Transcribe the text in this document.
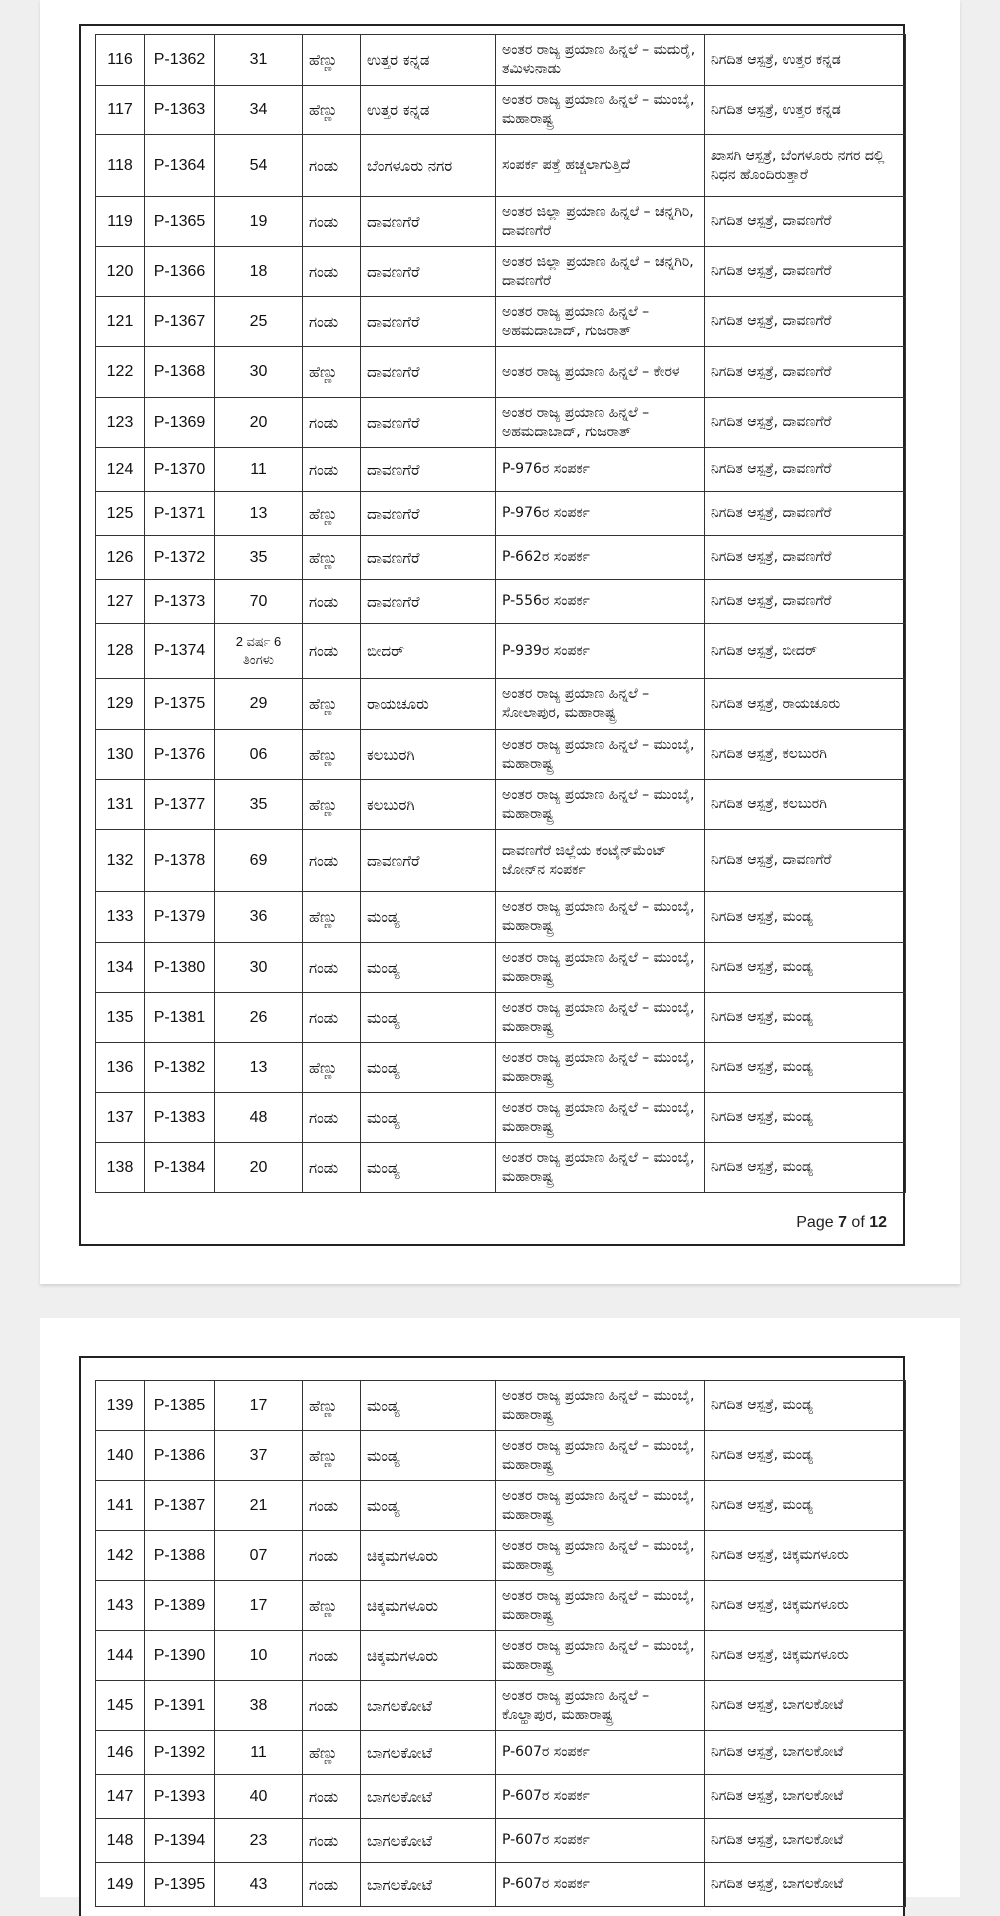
116	P-1362	31	ಹೆಣ್ಣು	ಉತ್ತರ ಕನ್ನಡ	ಅಂತರ ರಾಜ್ಯ ಪ್ರಯಾಣ ಹಿನ್ನಲೆ – ಮದುರೈ, ತಮಿಳುನಾಡು	ನಿಗದಿತ ಆಸ್ಪತ್ರೆ, ಉತ್ತರ ಕನ್ನಡ
117	P-1363	34	ಹೆಣ್ಣು	ಉತ್ತರ ಕನ್ನಡ	ಅಂತರ ರಾಜ್ಯ ಪ್ರಯಾಣ ಹಿನ್ನಲೆ – ಮುಂಬೈ, ಮಹಾರಾಷ್ಟ್ರ	ನಿಗದಿತ ಆಸ್ಪತ್ರೆ, ಉತ್ತರ ಕನ್ನಡ
118	P-1364	54	ಗಂಡು	ಬೆಂಗಳೂರು ನಗರ	ಸಂಪರ್ಕ ಪತ್ತೆ ಹಚ್ಚಲಾಗುತ್ತಿದೆ	ಖಾಸಗಿ ಆಸ್ಪತ್ರೆ, ಬೆಂಗಳೂರು ನಗರ ದಲ್ಲಿ ನಿಧನ ಹೊಂದಿರುತ್ತಾರೆ
119	P-1365	19	ಗಂಡು	ದಾವಣಗೆರೆ	ಅಂತರ ಜಿಲ್ಲಾ ಪ್ರಯಾಣ ಹಿನ್ನಲೆ – ಚನ್ನಗಿರಿ, ದಾವಣಗೆರೆ	ನಿಗದಿತ ಆಸ್ಪತ್ರೆ, ದಾವಣಗೆರೆ
120	P-1366	18	ಗಂಡು	ದಾವಣಗೆರೆ	ಅಂತರ ಜಿಲ್ಲಾ ಪ್ರಯಾಣ ಹಿನ್ನಲೆ – ಚನ್ನಗಿರಿ, ದಾವಣಗೆರೆ	ನಿಗದಿತ ಆಸ್ಪತ್ರೆ, ದಾವಣಗೆರೆ
121	P-1367	25	ಗಂಡು	ದಾವಣಗೆರೆ	ಅಂತರ ರಾಜ್ಯ ಪ್ರಯಾಣ ಹಿನ್ನಲೆ – ಅಹಮದಾಬಾದ್, ಗುಜರಾತ್	ನಿಗದಿತ ಆಸ್ಪತ್ರೆ, ದಾವಣಗೆರೆ
122	P-1368	30	ಹೆಣ್ಣು	ದಾವಣಗೆರೆ	ಅಂತರ ರಾಜ್ಯ ಪ್ರಯಾಣ ಹಿನ್ನಲೆ – ಕೇರಳ	ನಿಗದಿತ ಆಸ್ಪತ್ರೆ, ದಾವಣಗೆರೆ
123	P-1369	20	ಗಂಡು	ದಾವಣಗೆರೆ	ಅಂತರ ರಾಜ್ಯ ಪ್ರಯಾಣ ಹಿನ್ನಲೆ – ಅಹಮದಾಬಾದ್, ಗುಜರಾತ್	ನಿಗದಿತ ಆಸ್ಪತ್ರೆ, ದಾವಣಗೆರೆ
124	P-1370	11	ಗಂಡು	ದಾವಣಗೆರೆ	P-976ರ ಸಂಪರ್ಕ	ನಿಗದಿತ ಆಸ್ಪತ್ರೆ, ದಾವಣಗೆರೆ
125	P-1371	13	ಹೆಣ್ಣು	ದಾವಣಗೆರೆ	P-976ರ ಸಂಪರ್ಕ	ನಿಗದಿತ ಆಸ್ಪತ್ರೆ, ದಾವಣಗೆರೆ
126	P-1372	35	ಹೆಣ್ಣು	ದಾವಣಗೆರೆ	P-662ರ ಸಂಪರ್ಕ	ನಿಗದಿತ ಆಸ್ಪತ್ರೆ, ದಾವಣಗೆರೆ
127	P-1373	70	ಗಂಡು	ದಾವಣಗೆರೆ	P-556ರ ಸಂಪರ್ಕ	ನಿಗದಿತ ಆಸ್ಪತ್ರೆ, ದಾವಣಗೆರೆ
128	P-1374	2 ವರ್ಷ 6 ತಿಂಗಳು	ಗಂಡು	ಬೀದರ್	P-939ರ ಸಂಪರ್ಕ	ನಿಗದಿತ ಆಸ್ಪತ್ರೆ, ಬೀದರ್
129	P-1375	29	ಹೆಣ್ಣು	ರಾಯಚೂರು	ಅಂತರ ರಾಜ್ಯ ಪ್ರಯಾಣ ಹಿನ್ನಲೆ – ಸೋಲಾಪುರ, ಮಹಾರಾಷ್ಟ್ರ	ನಿಗದಿತ ಆಸ್ಪತ್ರೆ, ರಾಯಚೂರು
130	P-1376	06	ಹೆಣ್ಣು	ಕಲಬುರಗಿ	ಅಂತರ ರಾಜ್ಯ ಪ್ರಯಾಣ ಹಿನ್ನಲೆ – ಮುಂಬೈ, ಮಹಾರಾಷ್ಟ್ರ	ನಿಗದಿತ ಆಸ್ಪತ್ರೆ, ಕಲಬುರಗಿ
131	P-1377	35	ಹೆಣ್ಣು	ಕಲಬುರಗಿ	ಅಂತರ ರಾಜ್ಯ ಪ್ರಯಾಣ ಹಿನ್ನಲೆ – ಮುಂಬೈ, ಮಹಾರಾಷ್ಟ್ರ	ನಿಗದಿತ ಆಸ್ಪತ್ರೆ, ಕಲಬುರಗಿ
132	P-1378	69	ಗಂಡು	ದಾವಣಗೆರೆ	ದಾವಣಗೆರೆ ಜಿಲ್ಲೆಯ ಕಂಟೈನ್‌ಮೆಂಟ್ ಜೋನ್‌ನ ಸಂಪರ್ಕ	ನಿಗದಿತ ಆಸ್ಪತ್ರೆ, ದಾವಣಗೆರೆ
133	P-1379	36	ಹೆಣ್ಣು	ಮಂಡ್ಯ	ಅಂತರ ರಾಜ್ಯ ಪ್ರಯಾಣ ಹಿನ್ನಲೆ – ಮುಂಬೈ, ಮಹಾರಾಷ್ಟ್ರ	ನಿಗದಿತ ಆಸ್ಪತ್ರೆ, ಮಂಡ್ಯ
134	P-1380	30	ಗಂಡು	ಮಂಡ್ಯ	ಅಂತರ ರಾಜ್ಯ ಪ್ರಯಾಣ ಹಿನ್ನಲೆ – ಮುಂಬೈ, ಮಹಾರಾಷ್ಟ್ರ	ನಿಗದಿತ ಆಸ್ಪತ್ರೆ, ಮಂಡ್ಯ
135	P-1381	26	ಗಂಡು	ಮಂಡ್ಯ	ಅಂತರ ರಾಜ್ಯ ಪ್ರಯಾಣ ಹಿನ್ನಲೆ – ಮುಂಬೈ, ಮಹಾರಾಷ್ಟ್ರ	ನಿಗದಿತ ಆಸ್ಪತ್ರೆ, ಮಂಡ್ಯ
136	P-1382	13	ಹೆಣ್ಣು	ಮಂಡ್ಯ	ಅಂತರ ರಾಜ್ಯ ಪ್ರಯಾಣ ಹಿನ್ನಲೆ – ಮುಂಬೈ, ಮಹಾರಾಷ್ಟ್ರ	ನಿಗದಿತ ಆಸ್ಪತ್ರೆ, ಮಂಡ್ಯ
137	P-1383	48	ಗಂಡು	ಮಂಡ್ಯ	ಅಂತರ ರಾಜ್ಯ ಪ್ರಯಾಣ ಹಿನ್ನಲೆ – ಮುಂಬೈ, ಮಹಾರಾಷ್ಟ್ರ	ನಿಗದಿತ ಆಸ್ಪತ್ರೆ, ಮಂಡ್ಯ
138	P-1384	20	ಗಂಡು	ಮಂಡ್ಯ	ಅಂತರ ರಾಜ್ಯ ಪ್ರಯಾಣ ಹಿನ್ನಲೆ – ಮುಂಬೈ, ಮಹಾರಾಷ್ಟ್ರ	ನಿಗದಿತ ಆಸ್ಪತ್ರೆ, ಮಂಡ್ಯ
Page 7 of 12
139	P-1385	17	ಹೆಣ್ಣು	ಮಂಡ್ಯ	ಅಂತರ ರಾಜ್ಯ ಪ್ರಯಾಣ ಹಿನ್ನಲೆ – ಮುಂಬೈ, ಮಹಾರಾಷ್ಟ್ರ	ನಿಗದಿತ ಆಸ್ಪತ್ರೆ, ಮಂಡ್ಯ
140	P-1386	37	ಹೆಣ್ಣು	ಮಂಡ್ಯ	ಅಂತರ ರಾಜ್ಯ ಪ್ರಯಾಣ ಹಿನ್ನಲೆ – ಮುಂಬೈ, ಮಹಾರಾಷ್ಟ್ರ	ನಿಗದಿತ ಆಸ್ಪತ್ರೆ, ಮಂಡ್ಯ
141	P-1387	21	ಗಂಡು	ಮಂಡ್ಯ	ಅಂತರ ರಾಜ್ಯ ಪ್ರಯಾಣ ಹಿನ್ನಲೆ – ಮುಂಬೈ, ಮಹಾರಾಷ್ಟ್ರ	ನಿಗದಿತ ಆಸ್ಪತ್ರೆ, ಮಂಡ್ಯ
142	P-1388	07	ಗಂಡು	ಚಿಕ್ಕಮಗಳೂರು	ಅಂತರ ರಾಜ್ಯ ಪ್ರಯಾಣ ಹಿನ್ನಲೆ – ಮುಂಬೈ, ಮಹಾರಾಷ್ಟ್ರ	ನಿಗದಿತ ಆಸ್ಪತ್ರೆ, ಚಿಕ್ಕಮಗಳೂರು
143	P-1389	17	ಹೆಣ್ಣು	ಚಿಕ್ಕಮಗಳೂರು	ಅಂತರ ರಾಜ್ಯ ಪ್ರಯಾಣ ಹಿನ್ನಲೆ – ಮುಂಬೈ, ಮಹಾರಾಷ್ಟ್ರ	ನಿಗದಿತ ಆಸ್ಪತ್ರೆ, ಚಿಕ್ಕಮಗಳೂರು
144	P-1390	10	ಗಂಡು	ಚಿಕ್ಕಮಗಳೂರು	ಅಂತರ ರಾಜ್ಯ ಪ್ರಯಾಣ ಹಿನ್ನಲೆ – ಮುಂಬೈ, ಮಹಾರಾಷ್ಟ್ರ	ನಿಗದಿತ ಆಸ್ಪತ್ರೆ, ಚಿಕ್ಕಮಗಳೂರು
145	P-1391	38	ಗಂಡು	ಬಾಗಲಕೋಟೆ	ಅಂತರ ರಾಜ್ಯ ಪ್ರಯಾಣ ಹಿನ್ನಲೆ – ಕೊಲ್ಹಾಪುರ, ಮಹಾರಾಷ್ಟ್ರ	ನಿಗದಿತ ಆಸ್ಪತ್ರೆ, ಬಾಗಲಕೋಟೆ
146	P-1392	11	ಹೆಣ್ಣು	ಬಾಗಲಕೋಟೆ	P-607ರ ಸಂಪರ್ಕ	ನಿಗದಿತ ಆಸ್ಪತ್ರೆ, ಬಾಗಲಕೋಟೆ
147	P-1393	40	ಗಂಡು	ಬಾಗಲಕೋಟೆ	P-607ರ ಸಂಪರ್ಕ	ನಿಗದಿತ ಆಸ್ಪತ್ರೆ, ಬಾಗಲಕೋಟೆ
148	P-1394	23	ಗಂಡು	ಬಾಗಲಕೋಟೆ	P-607ರ ಸಂಪರ್ಕ	ನಿಗದಿತ ಆಸ್ಪತ್ರೆ, ಬಾಗಲಕೋಟೆ
149	P-1395	43	ಗಂಡು	ಬಾಗಲಕೋಟೆ	P-607ರ ಸಂಪರ್ಕ	ನಿಗದಿತ ಆಸ್ಪತ್ರೆ, ಬಾಗಲಕೋಟೆ
